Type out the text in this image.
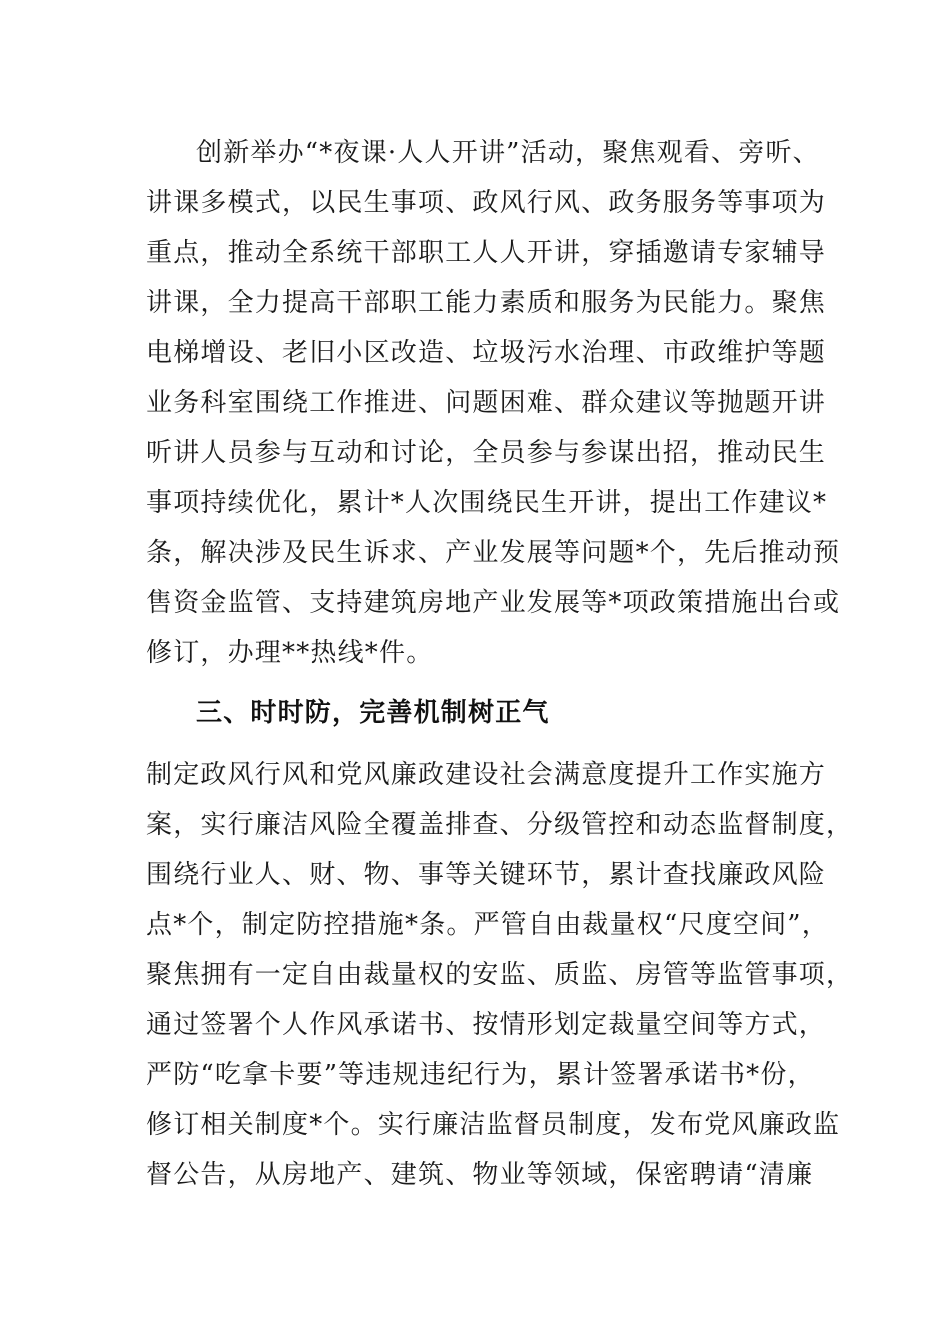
创新举办“*夜课·人人开讲”活动，聚焦观看、旁听、
讲课多模式，以民生事项、政风行风、政务服务等事项为
重点，推动全系统干部职工人人开讲，穿插邀请专家辅导
讲课，全力提高干部职工能力素质和服务为民能力。聚焦
电梯增设、老旧小区改造、垃圾污水治理、市政维护等题
业务科室围绕工作推进、问题困难、群众建议等抛题开讲
听讲人员参与互动和讨论，全员参与参谋出招，推动民生
事项持续优化，累计*人次围绕民生开讲，提出工作建议*
条，解决涉及民生诉求、产业发展等问题*个，先后推动预
售资金监管、支持建筑房地产业发展等*项政策措施出台或
修订，办理**热线*件。
三、时时防，完善机制树正气
制定政风行风和党风廉政建设社会满意度提升工作实施方
案，实行廉洁风险全覆盖排查、分级管控和动态监督制度，
围绕行业人、财、物、事等关键环节，累计查找廉政风险
点*个，制定防控措施*条。严管自由裁量权“尺度空间”，
聚焦拥有一定自由裁量权的安监、质监、房管等监管事项，
通过签署个人作风承诺书、按情形划定裁量空间等方式，
严防“吃拿卡要”等违规违纪行为，累计签署承诺书*份，
修订相关制度*个。实行廉洁监督员制度，发布党风廉政监
督公告，从房地产、建筑、物业等领域，保密聘请“清廉
